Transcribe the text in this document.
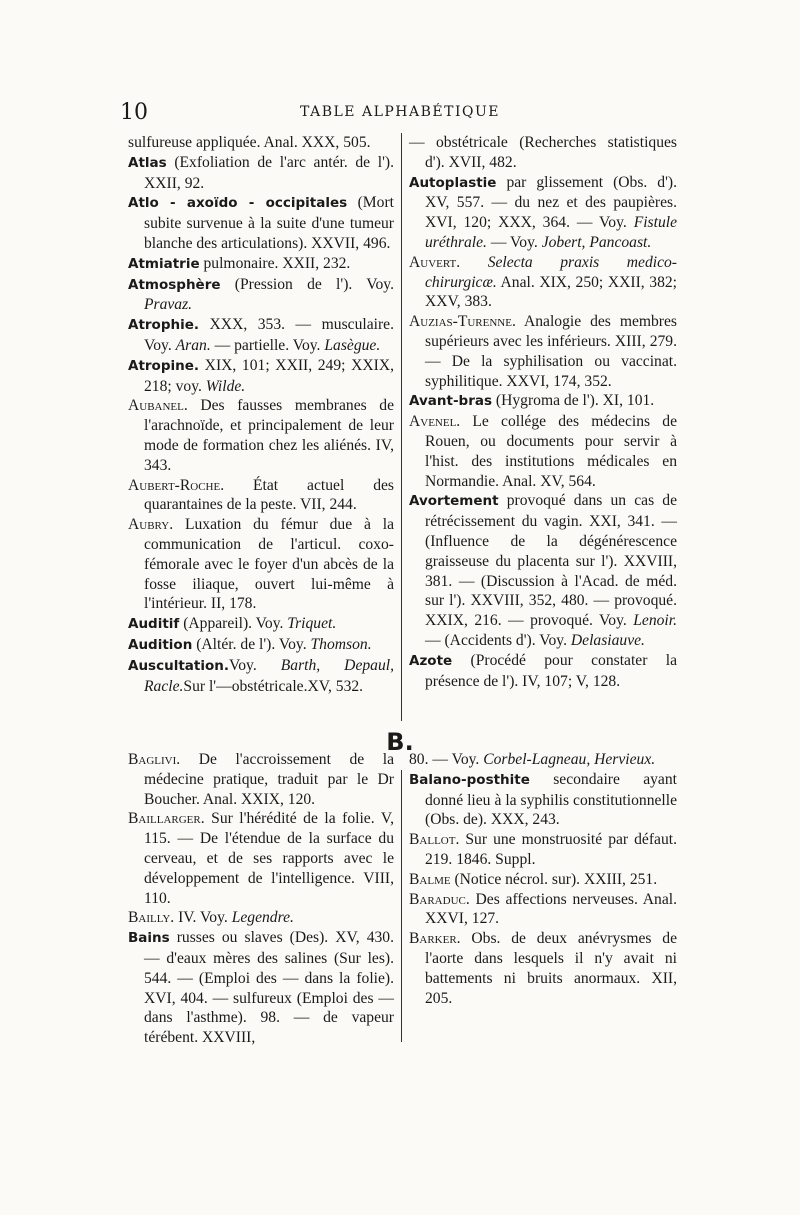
10	TABLE ALPHABÉTIQUE

sulfureuse appliquée. Anal. XXX, 505.

Atlas (Exfoliation de l'arc antér. de l'). XXII, 92.

Atlo - axoïdo - occipitales (Mort subite survenue à la suite d'une tumeur blanche des articulations). XXVII, 496.

Atmiatrie pulmonaire. XXII, 232.

Atmosphère (Pression de l'). Voy. Pravaz.

Atrophie. XXX, 353. — musculaire. Voy. Aran. — partielle. Voy. Lasègue.

Atropine. XIX, 101; XXII, 249; XXIX, 218; voy. Wilde.

Aubanel. Des fausses membranes de l'arachnoïde, et principalement de leur mode de formation chez les aliénés. IV, 343.

Aubert-Roche. État actuel des quarantaines de la peste. VII, 244.

Aubry. Luxation du fémur due à la communication de l'articul. coxo-fémorale avec le foyer d'un abcès de la fosse iliaque, ouvert lui-même à l'intérieur. II, 178.

Auditif (Appareil). Voy. Triquet.

Audition (Altér. de l'). Voy. Thomson.

Auscultation.Voy. Barth, Depaul, Racle.Sur l'—obstétricale.XV, 532.

— obstétricale (Recherches statistiques d'). XVII, 482.

Autoplastie par glissement (Obs. d'). XV, 557. — du nez et des paupières. XVI, 120; XXX, 364. — Voy. Fistule uréthrale. — Voy. Jobert, Pancoast.

Auvert. Selecta praxis medico-chirurgicæ. Anal. XIX, 250; XXII, 382; XXV, 383.

Auzias-Turenne. Analogie des membres supérieurs avec les inférieurs. XIII, 279. — De la syphilisation ou vaccinat. syphilitique. XXVI, 174, 352.

Avant-bras (Hygroma de l'). XI, 101.

Avenel. Le collége des médecins de Rouen, ou documents pour servir à l'hist. des institutions médicales en Normandie. Anal. XV, 564.

Avortement provoqué dans un cas de rétrécissement du vagin. XXI, 341. — (Influence de la dégénérescence graisseuse du placenta sur l'). XXVIII, 381. — (Discussion à l'Acad. de méd. sur l'). XXVIII, 352, 480. — provoqué. XXIX, 216. — provoqué. Voy. Lenoir.— (Accidents d'). Voy. Delasiauve.

Azote (Procédé pour constater la présence de l'). IV, 107; V, 128.

B.

Baglivi. De l'accroissement de la médecine pratique, traduit par le Dr Boucher. Anal. XXIX, 120.

Baillarger. Sur l'hérédité de la folie. V, 115. — De l'étendue de la surface du cerveau, et de ses rapports avec le développement de l'intelligence. VIII, 110.

Bailly. IV. Voy. Legendre.

Bains russes ou slaves (Des). XV, 430. — d'eaux mères des salines (Sur les). 544. — (Emploi des — dans la folie). XVI, 404. — sulfureux (Emploi des — dans l'asthme). 98. — de vapeur térébent. XXVIII,

80. — Voy. Corbel-Lagneau, Hervieux.

Balano-posthite secondaire ayant donné lieu à la syphilis constitutionnelle (Obs. de). XXX, 243.

Ballot. Sur une monstruosité par défaut. 219. 1846. Suppl.

Balme (Notice nécrol. sur). XXIII, 251.

Baraduc. Des affections nerveuses. Anal. XXVI, 127.

Barker. Obs. de deux anévrysmes de l'aorte dans lesquels il n'y avait ni battements ni bruits anormaux. XII, 205.
